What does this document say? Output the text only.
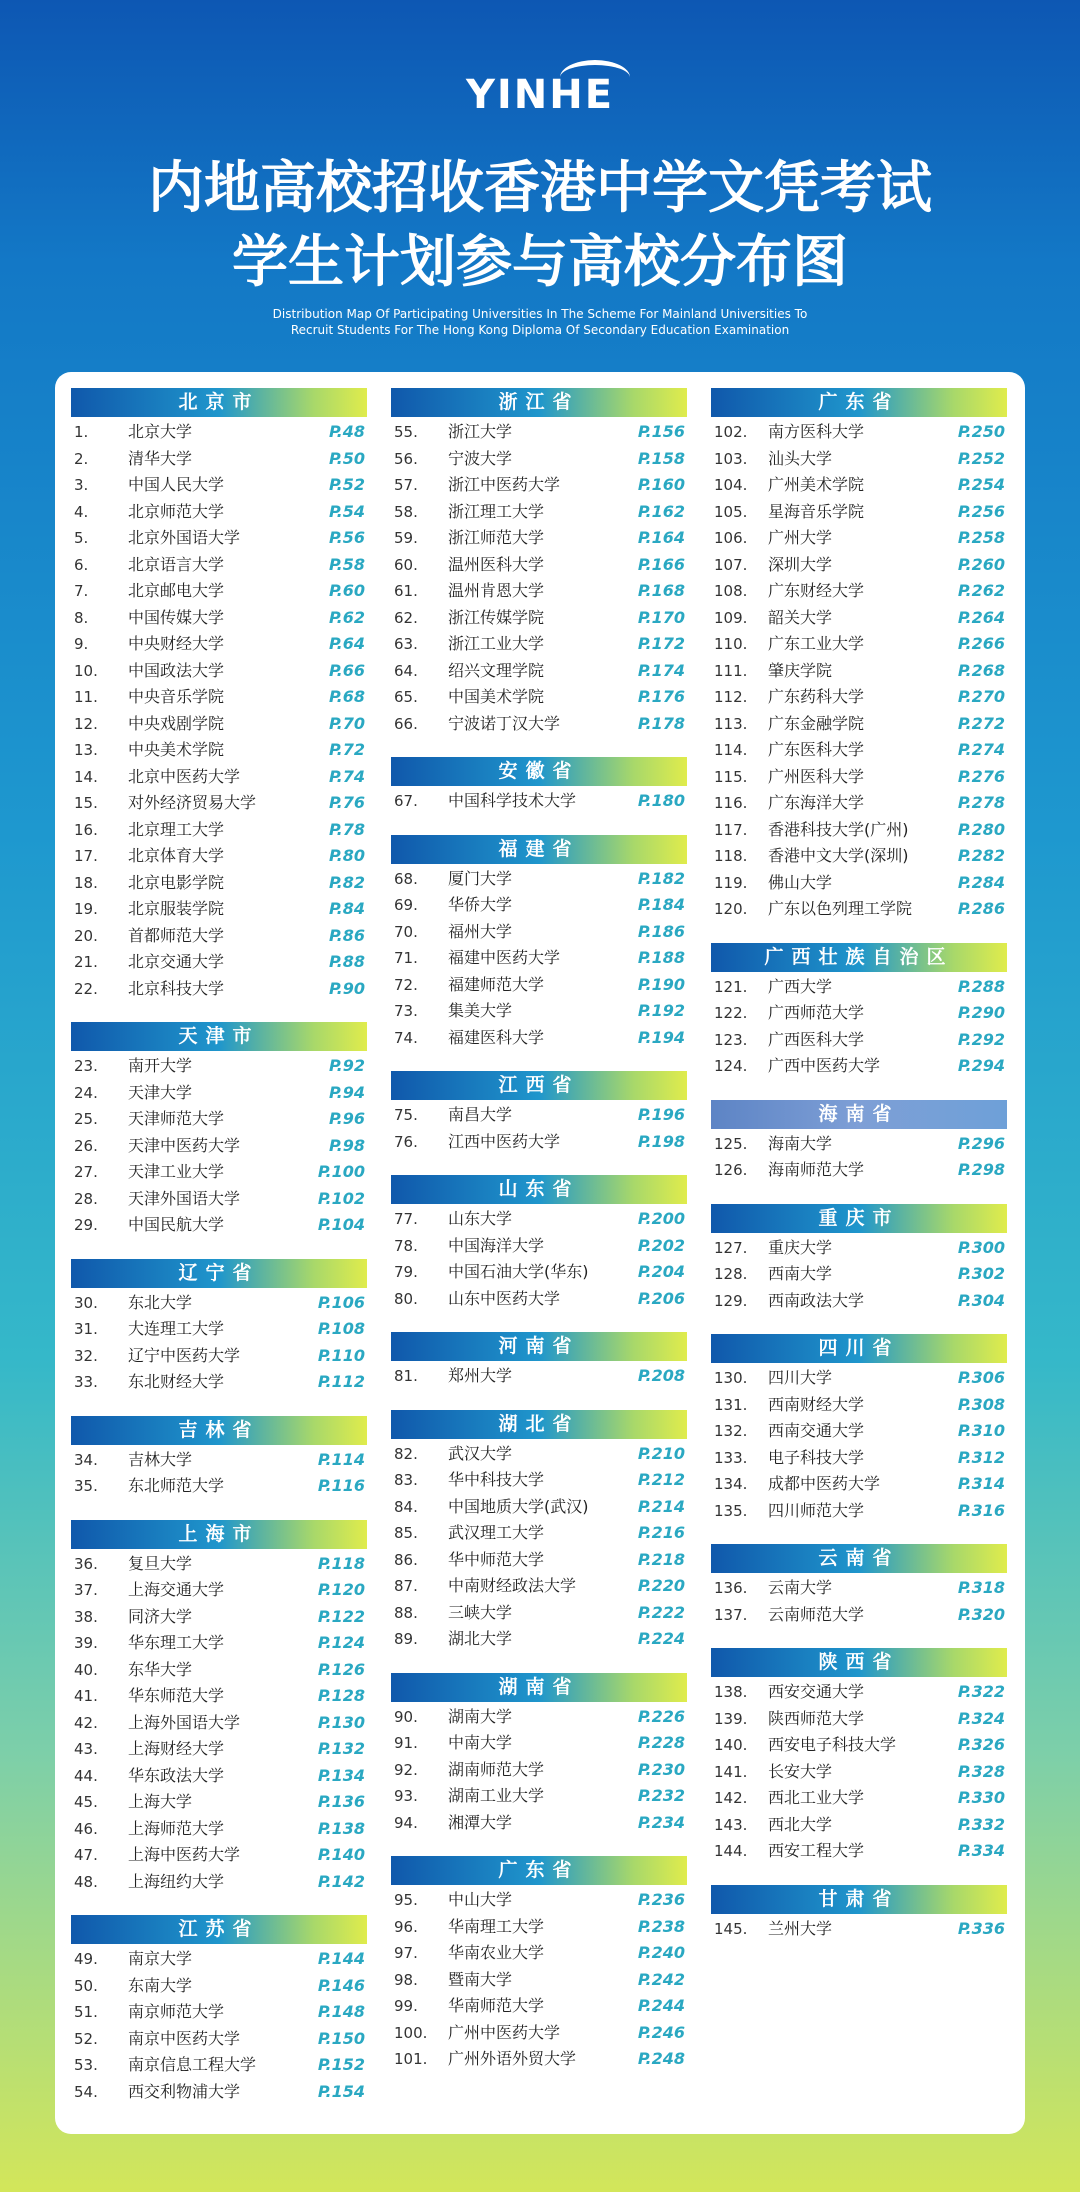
YINHE
内地高校招收香港中学文凭考试
学生计划参与高校分布图
Distribution Map Of Participating Universities In The Scheme For Mainland Universities To
Recruit Students For The Hong Kong Diploma Of Secondary Education Examination
北京市
1. 北京大学	P.48
2. 清华大学	P.50
3. 中国人民大学	P.52
4. 北京师范大学	P.54
5. 北京外国语大学	P.56
6. 北京语言大学	P.58
7. 北京邮电大学	P.60
8. 中国传媒大学	P.62
9. 中央财经大学	P.64
10. 中国政法大学	P.66
11. 中央音乐学院	P.68
12. 中央戏剧学院	P.70
13. 中央美术学院	P.72
14. 北京中医药大学	P.74
15. 对外经济贸易大学	P.76
16. 北京理工大学	P.78
17. 北京体育大学	P.80
18. 北京电影学院	P.82
19. 北京服装学院	P.84
20. 首都师范大学	P.86
21. 北京交通大学	P.88
22. 北京科技大学	P.90
天津市
23. 南开大学	P.92
24. 天津大学	P.94
25. 天津师范大学	P.96
26. 天津中医药大学	P.98
27. 天津工业大学	P.100
28. 天津外国语大学	P.102
29. 中国民航大学	P.104
辽宁省
30. 东北大学	P.106
31. 大连理工大学	P.108
32. 辽宁中医药大学	P.110
33. 东北财经大学	P.112
吉林省
34. 吉林大学	P.114
35. 东北师范大学	P.116
上海市
36. 复旦大学	P.118
37. 上海交通大学	P.120
38. 同济大学	P.122
39. 华东理工大学	P.124
40. 东华大学	P.126
41. 华东师范大学	P.128
42. 上海外国语大学	P.130
43. 上海财经大学	P.132
44. 华东政法大学	P.134
45. 上海大学	P.136
46. 上海师范大学	P.138
47. 上海中医药大学	P.140
48. 上海纽约大学	P.142
江苏省
49. 南京大学	P.144
50. 东南大学	P.146
51. 南京师范大学	P.148
52. 南京中医药大学	P.150
53. 南京信息工程大学	P.152
54. 西交利物浦大学	P.154
浙江省
55. 浙江大学	P.156
56. 宁波大学	P.158
57. 浙江中医药大学	P.160
58. 浙江理工大学	P.162
59. 浙江师范大学	P.164
60. 温州医科大学	P.166
61. 温州肯恩大学	P.168
62. 浙江传媒学院	P.170
63. 浙江工业大学	P.172
64. 绍兴文理学院	P.174
65. 中国美术学院	P.176
66. 宁波诺丁汉大学	P.178
安徽省
67. 中国科学技术大学	P.180
福建省
68. 厦门大学	P.182
69. 华侨大学	P.184
70. 福州大学	P.186
71. 福建中医药大学	P.188
72. 福建师范大学	P.190
73. 集美大学	P.192
74. 福建医科大学	P.194
江西省
75. 南昌大学	P.196
76. 江西中医药大学	P.198
山东省
77. 山东大学	P.200
78. 中国海洋大学	P.202
79. 中国石油大学(华东)	P.204
80. 山东中医药大学	P.206
河南省
81. 郑州大学	P.208
湖北省
82. 武汉大学	P.210
83. 华中科技大学	P.212
84. 中国地质大学(武汉)	P.214
85. 武汉理工大学	P.216
86. 华中师范大学	P.218
87. 中南财经政法大学	P.220
88. 三峡大学	P.222
89. 湖北大学	P.224
湖南省
90. 湖南大学	P.226
91. 中南大学	P.228
92. 湖南师范大学	P.230
93. 湖南工业大学	P.232
94. 湘潭大学	P.234
广东省
95. 中山大学	P.236
96. 华南理工大学	P.238
97. 华南农业大学	P.240
98. 暨南大学	P.242
99. 华南师范大学	P.244
100. 广州中医药大学	P.246
101. 广州外语外贸大学	P.248
广东省
102. 南方医科大学	P.250
103. 汕头大学	P.252
104. 广州美术学院	P.254
105. 星海音乐学院	P.256
106. 广州大学	P.258
107. 深圳大学	P.260
108. 广东财经大学	P.262
109. 韶关大学	P.264
110. 广东工业大学	P.266
111. 肇庆学院	P.268
112. 广东药科大学	P.270
113. 广东金融学院	P.272
114. 广东医科大学	P.274
115. 广州医科大学	P.276
116. 广东海洋大学	P.278
117. 香港科技大学(广州)	P.280
118. 香港中文大学(深圳)	P.282
119. 佛山大学	P.284
120. 广东以色列理工学院	P.286
广西壮族自治区
121. 广西大学	P.288
122. 广西师范大学	P.290
123. 广西医科大学	P.292
124. 广西中医药大学	P.294
海南省
125. 海南大学	P.296
126. 海南师范大学	P.298
重庆市
127. 重庆大学	P.300
128. 西南大学	P.302
129. 西南政法大学	P.304
四川省
130. 四川大学	P.306
131. 西南财经大学	P.308
132. 西南交通大学	P.310
133. 电子科技大学	P.312
134. 成都中医药大学	P.314
135. 四川师范大学	P.316
云南省
136. 云南大学	P.318
137. 云南师范大学	P.320
陕西省
138. 西安交通大学	P.322
139. 陕西师范大学	P.324
140. 西安电子科技大学	P.326
141. 长安大学	P.328
142. 西北工业大学	P.330
143. 西北大学	P.332
144. 西安工程大学	P.334
甘肃省
145. 兰州大学	P.336
